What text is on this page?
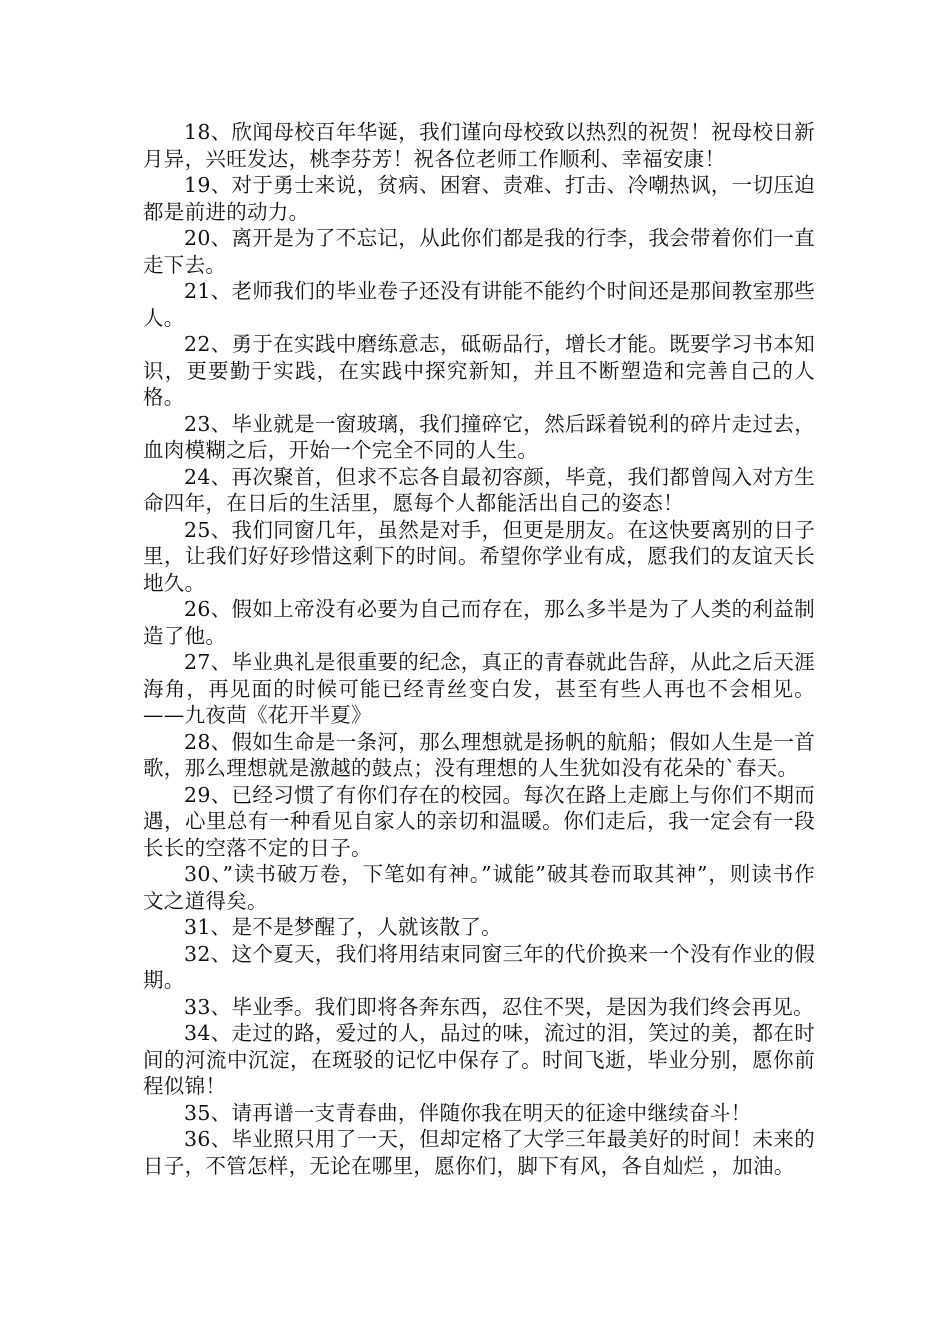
18、欣闻母校百年华诞，我们谨向母校致以热烈的祝贺！祝母校日新月异，兴旺发达，桃李芬芳！祝各位老师工作顺利、幸福安康！

19、对于勇士来说，贫病、困窘、责难、打击、冷嘲热讽，一切压迫都是前进的动力。

20、离开是为了不忘记，从此你们都是我的行李，我会带着你们一直走下去。

21、老师我们的毕业卷子还没有讲能不能约个时间还是那间教室那些人。

22、勇于在实践中磨练意志，砥砺品行，增长才能。既要学习书本知识，更要勤于实践，在实践中探究新知，并且不断塑造和完善自己的人格。

23、毕业就是一窗玻璃，我们撞碎它，然后踩着锐利的碎片走过去，血肉模糊之后，开始一个完全不同的人生。

24、再次聚首，但求不忘各自最初容颜，毕竟，我们都曾闯入对方生命四年，在日后的生活里，愿每个人都能活出自己的姿态！

25、我们同窗几年，虽然是对手，但更是朋友。在这快要离别的日子里，让我们好好珍惜这剩下的时间。希望你学业有成，愿我们的友谊天长地久。

26、假如上帝没有必要为自己而存在，那么多半是为了人类的利益制造了他。

27、毕业典礼是很重要的纪念，真正的青春就此告辞，从此之后天涯海角，再见面的时候可能已经青丝变白发，甚至有些人再也不会相见。——九夜茴《花开半夏》

28、假如生命是一条河，那么理想就是扬帆的航船；假如人生是一首歌，那么理想就是激越的鼓点；没有理想的人生犹如没有花朵的`春天。

29、已经习惯了有你们存在的校园。每次在路上走廊上与你们不期而遇，心里总有一种看见自家人的亲切和温暖。你们走后，我一定会有一段长长的空落不定的日子。

30、”读书破万卷，下笔如有神。”诚能”破其卷而取其神”，则读书作文之道得矣。

31、是不是梦醒了，人就该散了。

32、这个夏天，我们将用结束同窗三年的代价换来一个没有作业的假期。

33、毕业季。我们即将各奔东西，忍住不哭，是因为我们终会再见。

34、走过的路，爱过的人，品过的味，流过的泪，笑过的美，都在时间的河流中沉淀，在斑驳的记忆中保存了。时间飞逝，毕业分别，愿你前程似锦！

35、请再谱一支青春曲，伴随你我在明天的征途中继续奋斗！

36、毕业照只用了一天，但却定格了大学三年最美好的时间！未来的日子，不管怎样，无论在哪里，愿你们，脚下有风，各自灿烂 ，加油。
